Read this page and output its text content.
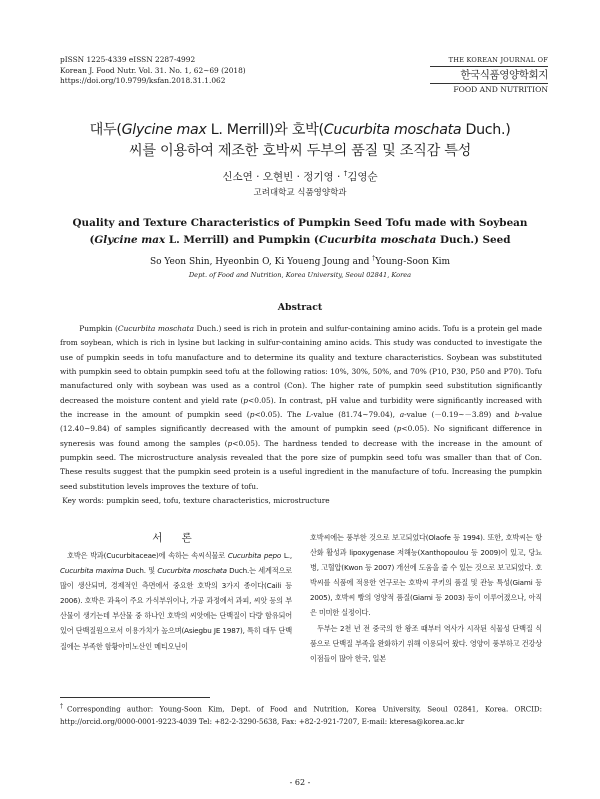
pISSN 1225-4339 eISSN 2287-4992
Korean J. Food Nutr. Vol. 31. No. 1, 62~69 (2018)
https://doi.org/10.9799/ksfan.2018.31.1.062
THE KOREAN JOURNAL OF
한국식품영양학회지
FOOD AND NUTRITION
대두(Glycine max L. Merrill)와 호박(Cucurbita moschata Duch.)
씨를 이용하여 제조한 호박씨 두부의 품질 및 조직감 특성
신소연 · 오현빈 · 정기영 · †김영순
고려대학교 식품영양학과
Quality and Texture Characteristics of Pumpkin Seed Tofu made with Soybean
(Glycine max L. Merrill) and Pumpkin (Cucurbita moschata Duch.) Seed
So Yeon Shin, Hyeonbin O, Ki Youeng Joung and †Young-Soon Kim
Dept. of Food and Nutrition, Korea University, Seoul 02841, Korea
Abstract

Pumpkin (Cucurbita moschata Duch.) seed is rich in protein and sulfur-containing amino acids. Tofu is a protein gel made from soybean, which is rich in lysine but lacking in sulfur-containing amino acids. This study was conducted to investigate the use of pumpkin seeds in tofu manufacture and to determine its quality and texture characteristics. Soybean was substituted with pumpkin seed to obtain pumpkin seed tofu at the following ratios: 10%, 30%, 50%, and 70% (P10, P30, P50 and P70). Tofu manufactured only with soybean was used as a control (Con). The higher rate of pumpkin seed substitution significantly decreased the moisture content and yield rate (p<0.05). In contrast, pH value and turbidity were significantly increased with the increase in the amount of pumpkin seed (p<0.05). The L-value (81.74~79.04), a-value (－0.19~－3.89) and b-value (12.40~9.84) of samples significantly decreased with the amount of pumpkin seed (p<0.05). No significant difference in syneresis was found among the samples (p<0.05). The hardness tended to decrease with the increase in the amount of pumpkin seed. The microstructure analysis revealed that the pore size of pumpkin seed tofu was smaller than that of Con. These results suggest that the pumpkin seed protein is a useful ingredient in the manufacture of tofu. Increasing the pumpkin seed substitution levels improves the texture of tofu.

Key words: pumpkin seed, tofu, texture characteristics, microstructure

서 론

호박은 박과(Cucurbitaceae)에 속하는 속씨식물로 Cucurbita pepo L., Cucurbita maxima Duch. 및 Cucurbita moschata Duch.는 세계적으로 많이 생산되며, 경제적인 측면에서 중요한 호박의 3가지 종이다(Caili 등 2006). 호박은 과육이 주요 가식부위이나, 가공 과정에서 과피, 씨앗 등의 부산물이 생기는데 부산물 중 하나인 호박의 씨앗에는 단백질이 다량 함유되어 있어 단백질원으로서 이용가치가 높으며(Asiegbu JE 1987), 특히 대두 단백질에는 부족한 함황아미노산인 메티오닌이

호박씨에는 풍부한 것으로 보고되었다(Olaofe 등 1994). 또한, 호박씨는 항산화 활성과 lipoxygenase 저해능(Xanthopoulou 등 2009)이 있고, 당뇨병, 고혈압(Kwon 등 2007) 개선에 도움을 줄 수 있는 것으로 보고되었다. 호박씨를 식품에 적용한 연구로는 호박씨 쿠키의 품질 및 관능 특성(Giami 등 2005), 호박씨 빵의 영양적 품질(Giami 등 2003) 등이 이루어졌으나, 아직은 미미한 실정이다.

두부는 2천 년 전 중국의 한 왕조 때부터 역사가 시작된 식물성 단백질 식품으로 단백질 부족을 완화하기 위해 이용되어 왔다. 영양이 풍부하고 건강상 이점들이 많아 한국, 일본

†Corresponding author: Young-Soon Kim, Dept. of Food and Nutrition, Korea University, Seoul 02841, Korea. ORCID: http://orcid.org/0000-0001-9223-4039 Tel: +82-2-3290-5638, Fax: +82-2-921-7207, E-mail: kteresa@korea.ac.kr
- 62 -
